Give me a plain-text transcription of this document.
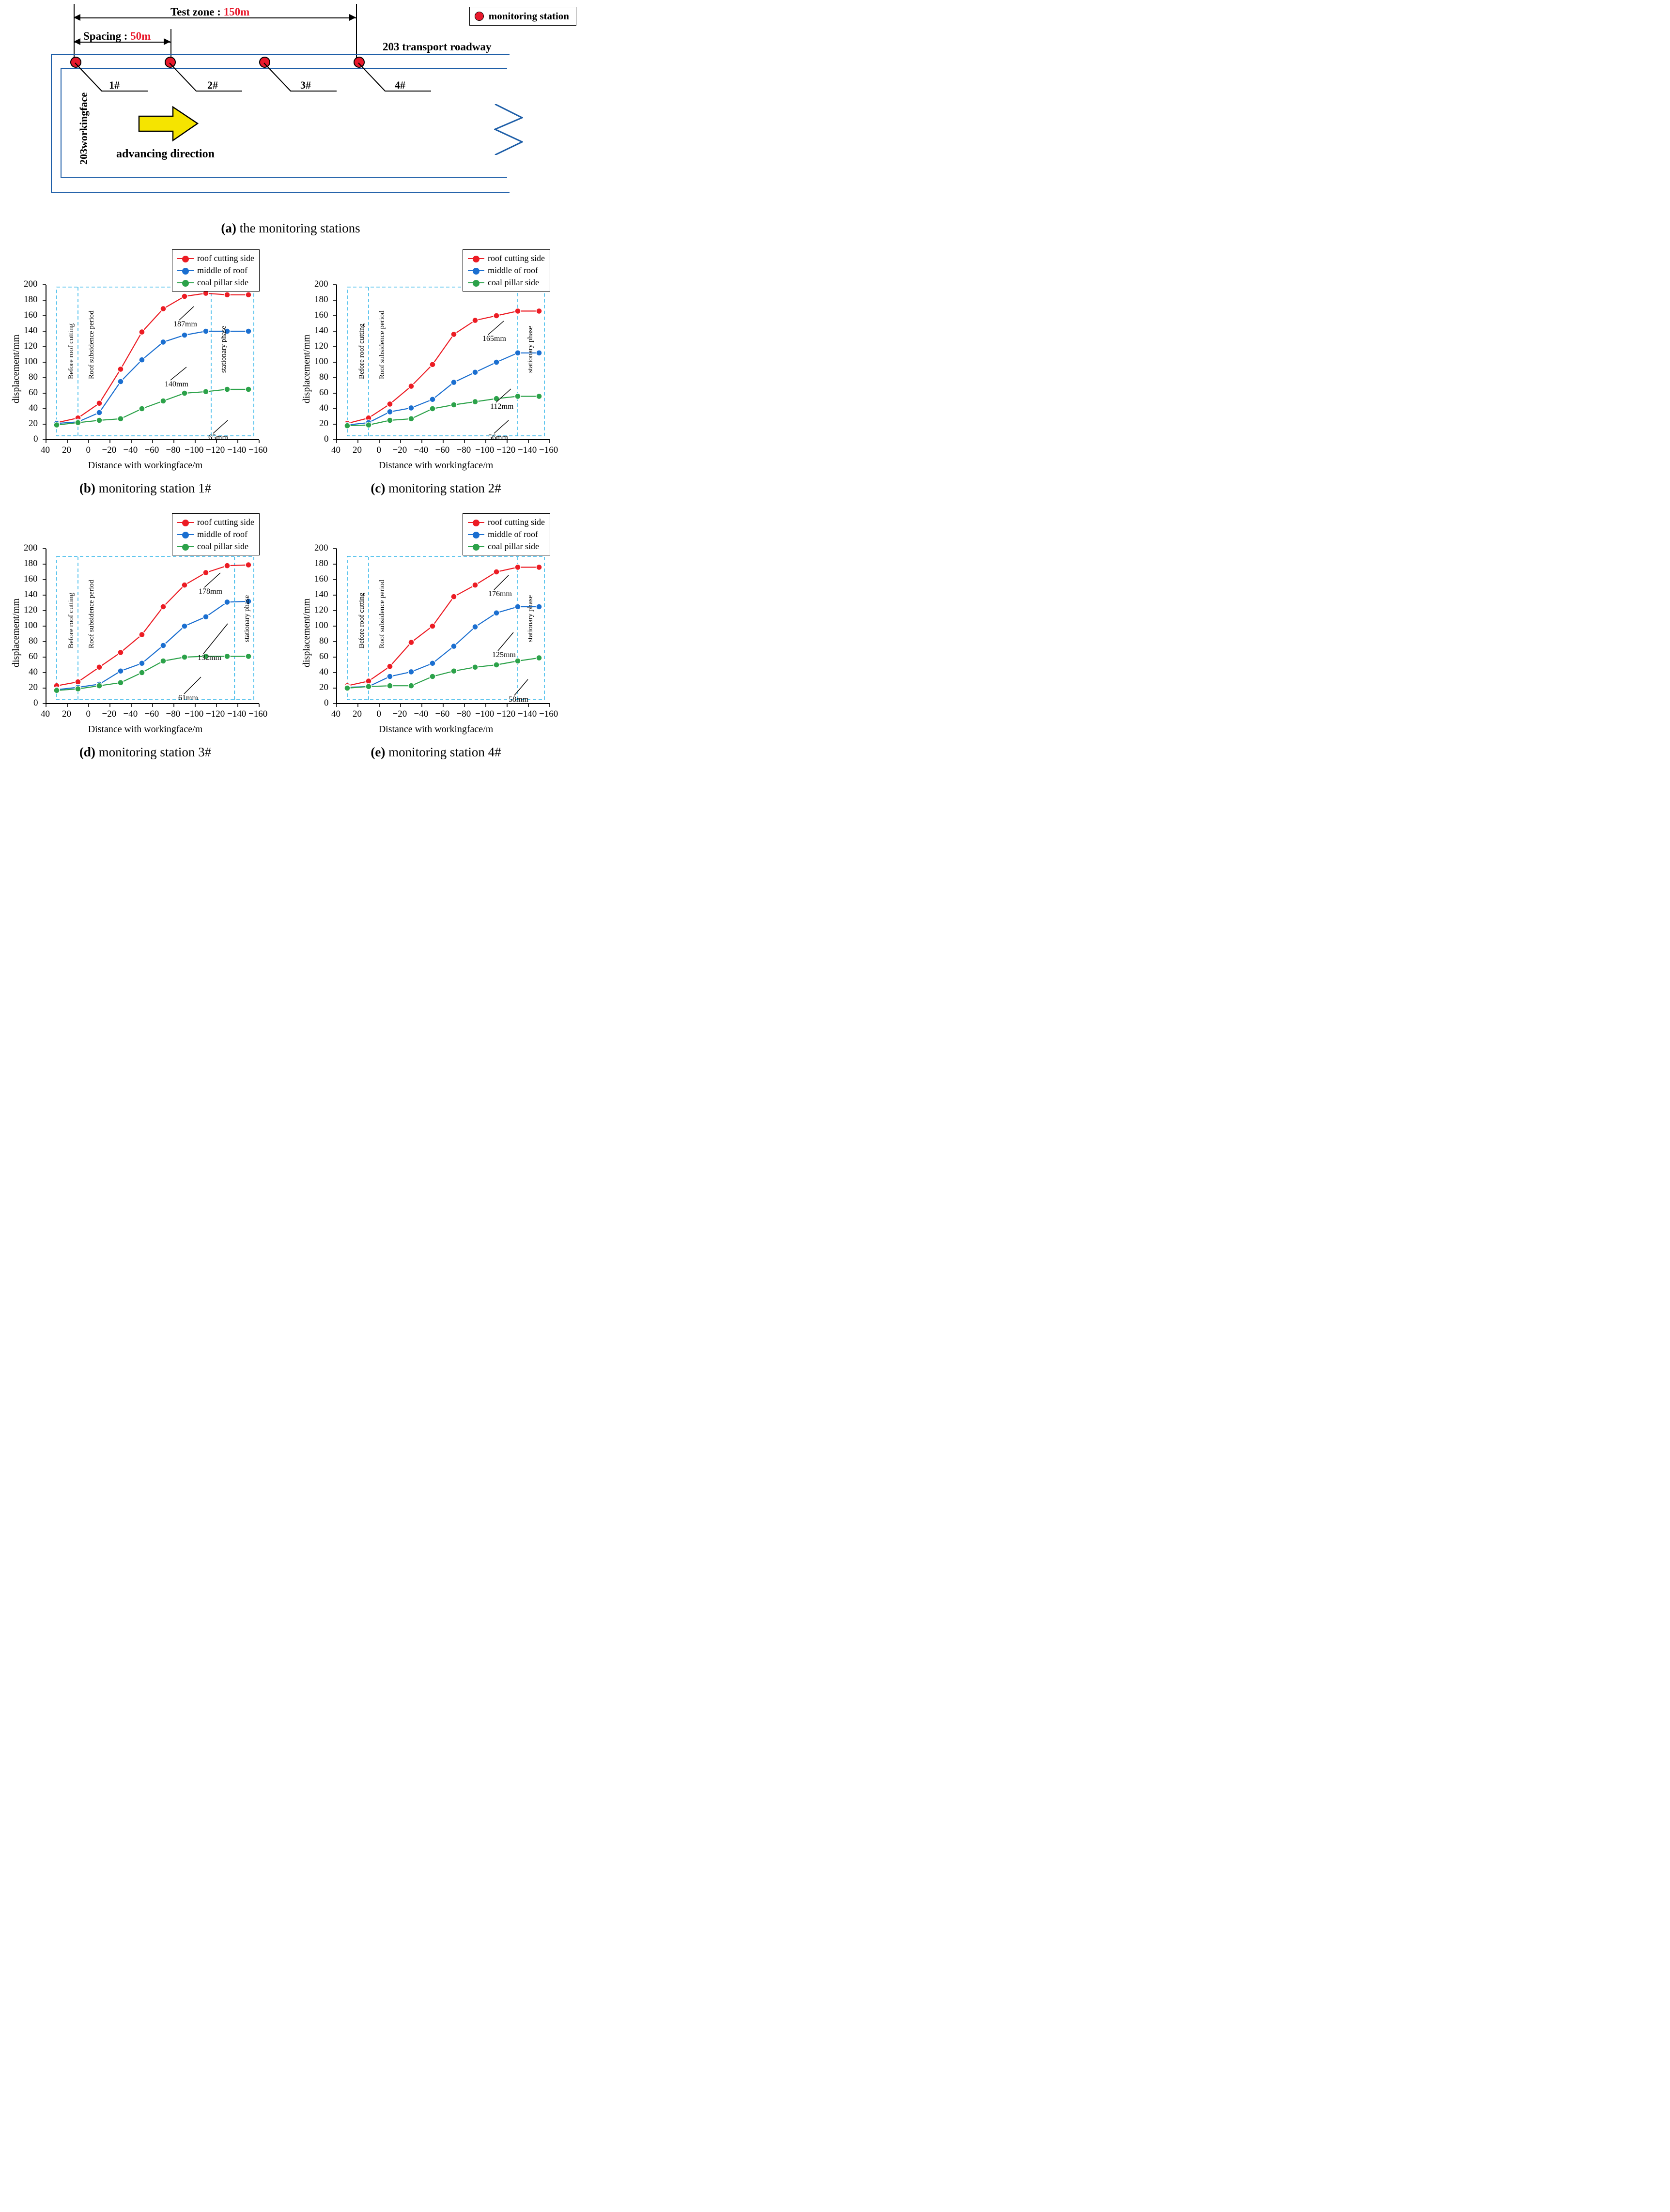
monitoring station
Test zone : 150m
Spacing : 50m
203 transport roadway
203workingface
1#	2#	3#	4#
advancing direction
(a) the monitoring stations
0
20
40
60
80
100
120
140
160
180
200
40 20 0 −20 −40 −60 −80 −100 −120 −140 −160
187mm
140mm
65mm
Before roof cutting Roof subsidence period	stationary phase
displacement/mm
Distance with workingface/m
roof cutting side
middle of roof
coal pillar side
(b) monitoring station 1#
0
20
40
60
80
100
120
140
160
180
200
40 20 0 −20 −40 −60 −80 −100 −120 −140 −160
165mm
112mm
56mm
Before roof cutting Roof subsidence period	stationary phase
displacement/mm
Distance with workingface/m
roof cutting side
middle of roof
coal pillar side
(c) monitoring station 2#
0
20
40
60
80
100
120
140
160
180
200
40 20 0 −20 −40 −60 −80 −100 −120 −140 −160
178mm
132mm
61mm
Before roof cutting Roof subsidence period	stationary phase
displacement/mm
Distance with workingface/m
roof cutting side
middle of roof
coal pillar side
(d) monitoring station 3#
0
20
40
60
80
100
120
140
160
180
200
40 20 0 −20 −40 −60 −80 −100 −120 −140 −160
176mm
125mm
58mm
Before roof cutting Roof subsidence period	stationary phase
displacement/mm
Distance with workingface/m
roof cutting side
middle of roof
coal pillar side
(e) monitoring station 4#
